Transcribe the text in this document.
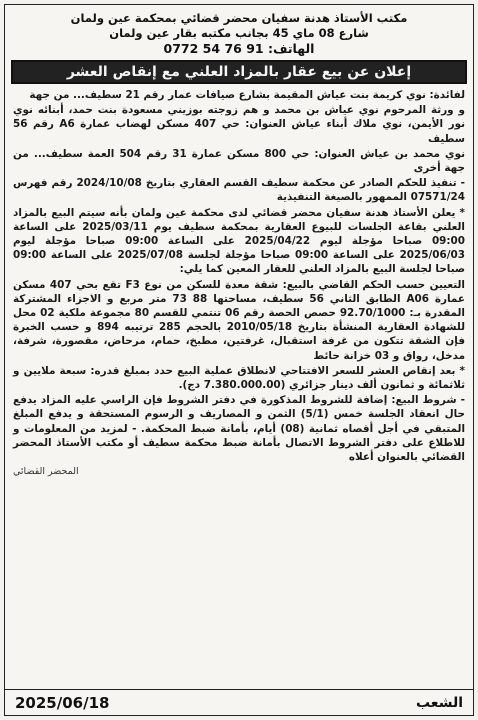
مكتب الأستاذ هدنة سفيان محضر قضائي بمحكمة عين ولمان
شارع 08 ماي 45 بجانب مكتبه بقار عين ولمان
الهاتف: 91 76 54 0772
إعلان عن بيع عقار بالمزاد العلني مع إنقاص العشر

لفائدة: نوي كريمة بنت عياش المقيمة بشارع صيافات عمار رقم 21 سطيف... من جهة

و ورثة المرحوم نوي عياش بن محمد و هم زوجته بوزيني مسعودة بنت حمد، أبنائه نوي نور الأيمن، نوي ملاك أبناء عياش العنوان: حي 407 مسكن لهضاب عمارة A6 رقم 56 سطيف

نوي محمد بن عياش العنوان: حي 800 مسكن عمارة 31 رقم 504 العمة سطيف... من جهة أخرى

- تنفيذ للحكم الصادر عن محكمة سطيف القسم العقاري بتاريخ 2024/10/08 رقم فهرس 07571/24 الممهور بالصيغة التنفيذية

* يعلن الأستاذ هدنة سفيان محضر قضائي لدى محكمة عين ولمان بأنه سيتم البيع بالمزاد العلني بقاعة الجلسات للبيوع العقارية بمحكمة سطيف يوم 2025/03/11 على الساعة 09:00 صباحا مؤجلة ليوم 2025/04/22 على الساعة 09:00 صباحا مؤجلة ليوم 2025/06/03 على الساعة 09:00 صباحا مؤجلة لجلسة 2025/07/08 على الساعة 09:00 صباحا لجلسة البيع بالمزاد العلني للعقار المعين كما يلي:

التعيين حسب الحكم القاضي بالبيع: شقة معدة للسكن من نوع F3 تقع بحي 407 مسكن عمارة A06 الطابق الثاني 56 سطيف، مساحتها 88 73 متر مربع و الاجزاء المشتركة المقدرة بـ: 92.70/1000 حصص الحصة رقم 06 تنتمي للقسم 80 مجموعة ملكية 02 محل للشهادة العقارية المنشأة بتاريخ 2010/05/18 بالحجم 285 ترتيبه 894 و حسب الخبرة فإن الشقة تتكون من غرفة استقبال، غرفتين، مطبخ، حمام، مرحاض، مقصورة، شرفة، مدخل، رواق و 03 خزانة حائط

* بعد إنقاص العشر للسعر الافتتاحي لانطلاق عملية البيع حدد بمبلغ قدره: سبعة ملايين و ثلاثمائة و ثمانون ألف دينار جزائري (7.380.000.00 دج).

- شروط البيع: إضافة للشروط المذكورة في دفتر الشروط فإن الراسي عليه المزاد يدفع حال انعقاد الجلسة خمس (5/1) الثمن و المصاريف و الرسوم المستحقة و يدفع المبلغ المتبقي في أجل أقصاه ثمانية (08) أيام، بأمانة ضبط المحكمة. - لمزيد من المعلومات و للاطلاع على دفتر الشروط الاتصال بأمانة ضبط محكمة سطيف أو مكتب الأستاذ المحضر القضائي بالعنوان أعلاه

المحضر القضائي
الشعب
2025/06/18
